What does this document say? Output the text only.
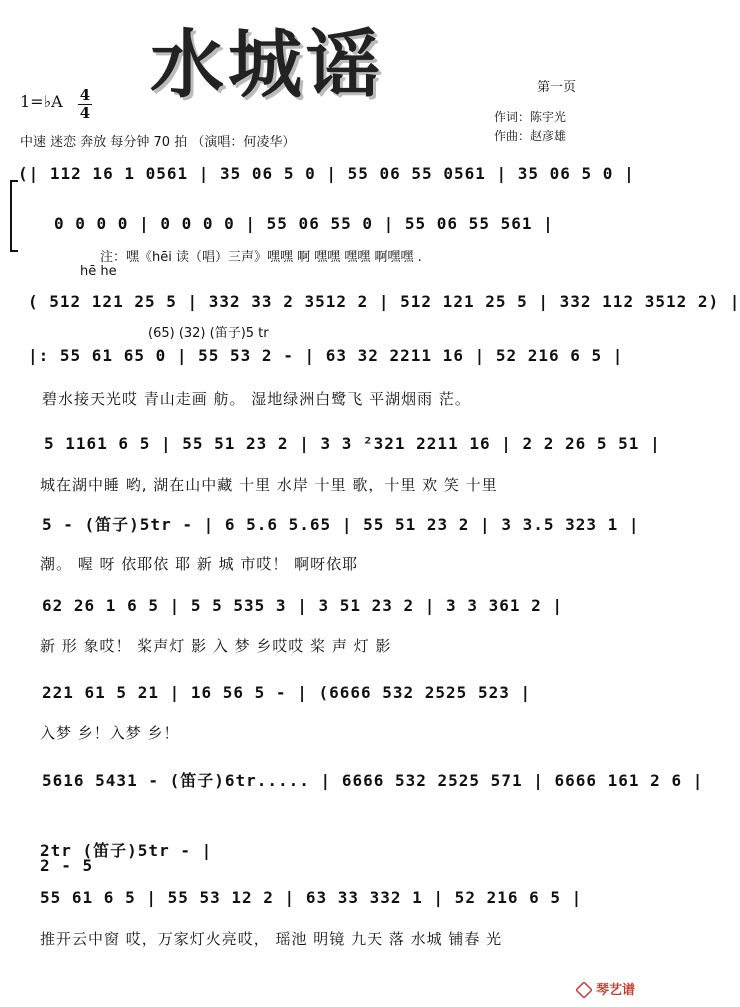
水城谣	第一页
作词：陈宇光
作曲：赵彦雄
1=♭A 4
4
中速 迷恋 奔放 每分钟 70 拍 （演唱：何凌华）
(| 112 16 1 0561 | 35 06 5 0 | 55 06 55 0561 | 35 06 5 0 |
0 0 0 0 | 0 0 0 0 | 55 06 55 0 | 55 06 55 561 |
注：嘿《hēi 读（唱）三声》嘿嘿 啊 嘿嘿 嘿嘿 啊嘿嘿 .
hē he
( 512 121 25 5 | 332 33 2 3512 2 | 512 121 25 5 | 332 112 3512 2) |
(65) (32) (笛子)5 tr
|: 55 61 65 0 | 55 53 2 - | 63 32 2211 16 | 52 216 6 5 |
碧水接天光哎 青山走画 舫。 湿地绿洲白鹭飞 平湖烟雨 茫。
5 1161 6 5 | 55 51 23 2 | 3 3 ²321 2211 16 | 2 2 26 5 51 |
城在湖中睡 哟, 湖在山中藏 十里 水岸 十里 歌，十里 欢 笑 十里
5 - (笛子)5tr - | 6 5.6 5.65 | 55 51 23 2 | 3 3.5 323 1 |
潮。 喔 呀 依耶依 耶 新 城 市哎！ 啊呀依耶
62 26 1 6 5 | 5 5 535 3 | 3 51 23 2 | 3 3 361 2 |
新 形 象哎！ 桨声灯 影 入 梦 乡哎哎 桨 声 灯 影
221 61 5 21 | 16 56 5 - | (6666 532 2525 523 |
入梦 乡！入梦 乡！
5616 5431 - (笛子)6tr..... | 6666 532 2525 571 | 6666 161 2 6 |
2tr (笛子)5tr - |
2 - 5
55 61 6 5 | 55 53 12 2 | 63 33 332 1 | 52 216 6 5 |
推开云中窗 哎，万家灯火亮哎， 瑶池 明镜 九天 落 水城 铺春 光
琴艺谱
